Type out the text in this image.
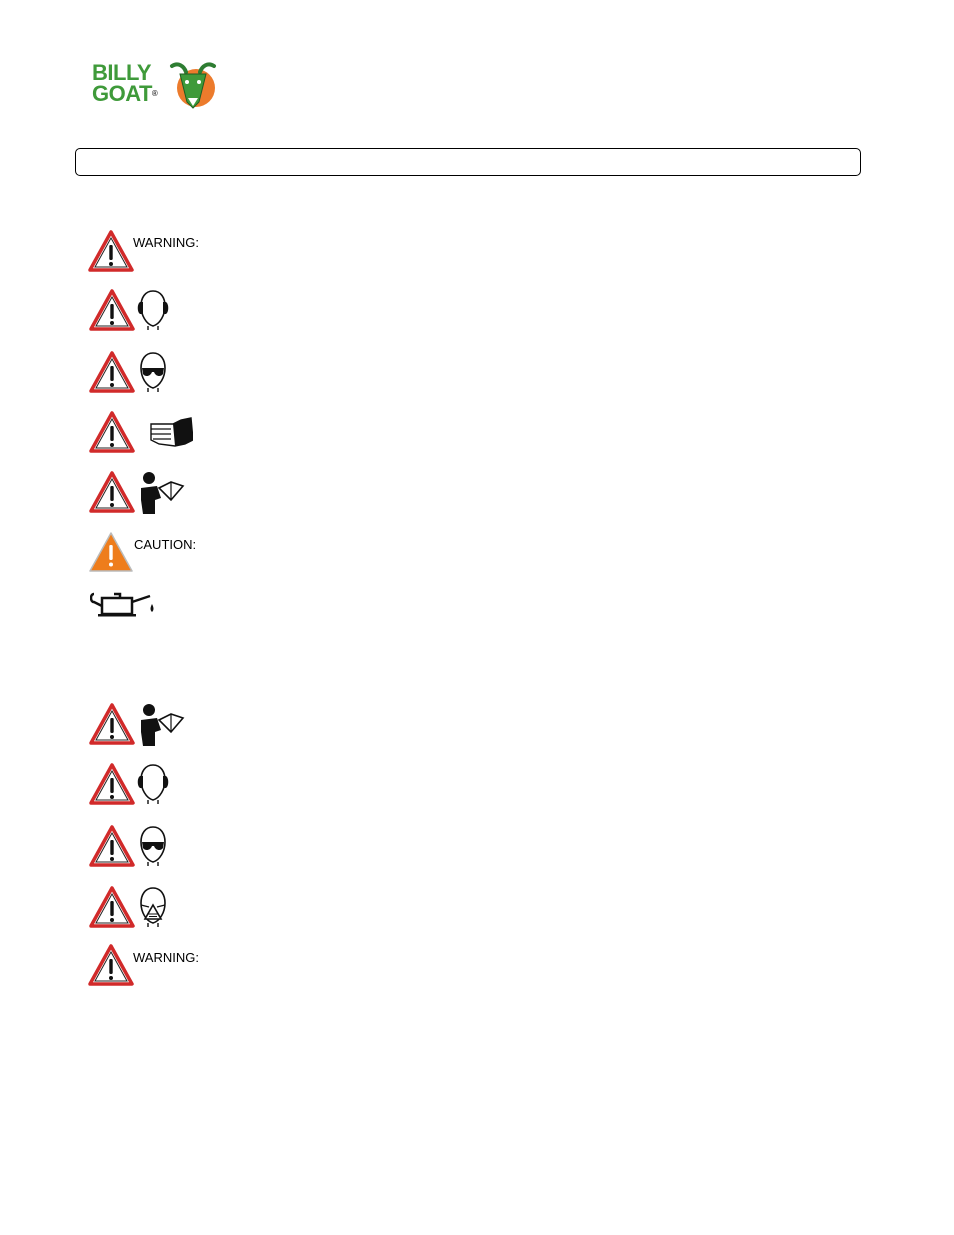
BILLY
GOAT®
WARNING:
CAUTION:
WARNING:
